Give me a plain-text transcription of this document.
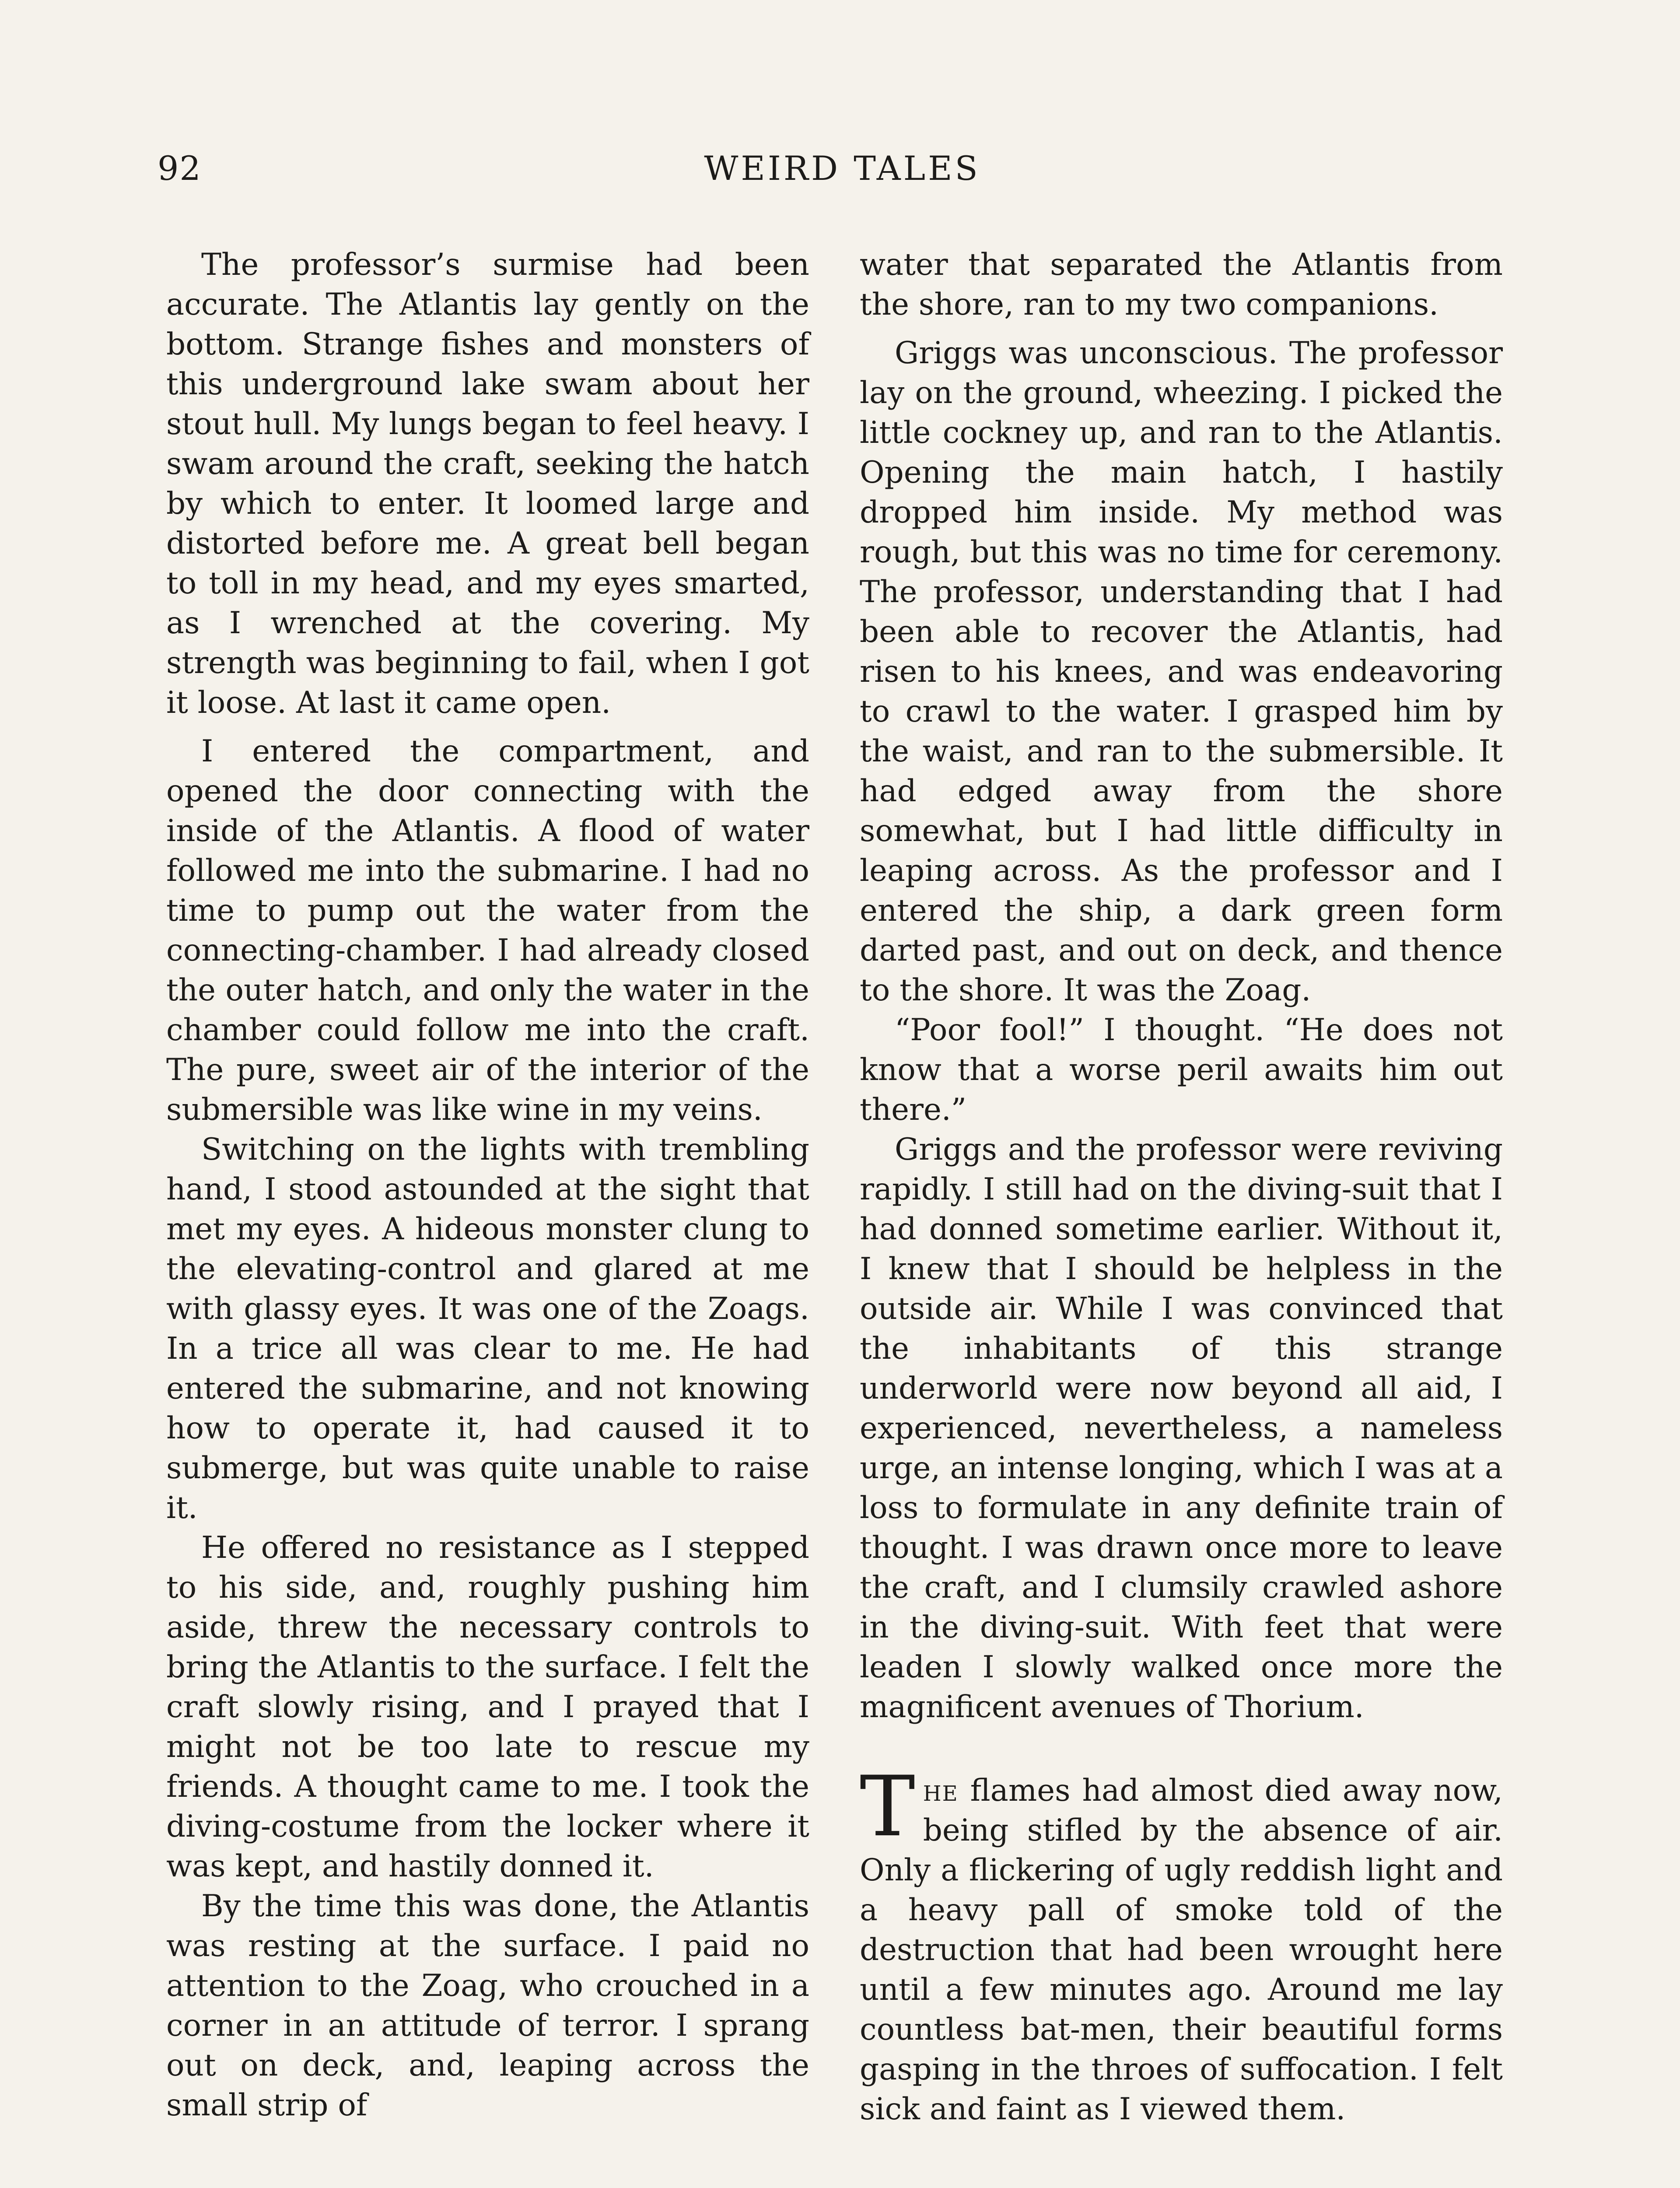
92	WEIRD TALES

The professor’s surmise had been accurate. The Atlantis lay gently on the bottom. Strange fishes and monsters of this underground lake swam about her stout hull. My lungs began to feel heavy. I swam around the craft, seeking the hatch by which to enter. It loomed large and distorted before me. A great bell began to toll in my head, and my eyes smarted, as I wrenched at the covering. My strength was beginning to fail, when I got it loose. At last it came open.

I entered the compartment, and opened the door connecting with the inside of the Atlantis. A flood of water followed me into the submarine. I had no time to pump out the water from the connecting-chamber. I had already closed the outer hatch, and only the water in the chamber could follow me into the craft. The pure, sweet air of the interior of the submersible was like wine in my veins.

Switching on the lights with trembling hand, I stood astounded at the sight that met my eyes. A hideous monster clung to the elevating-control and glared at me with glassy eyes. It was one of the Zoags. In a trice all was clear to me. He had entered the submarine, and not knowing how to operate it, had caused it to submerge, but was quite unable to raise it.

He offered no resistance as I stepped to his side, and, roughly pushing him aside, threw the necessary controls to bring the Atlantis to the surface. I felt the craft slowly rising, and I prayed that I might not be too late to rescue my friends. A thought came to me. I took the diving-costume from the locker where it was kept, and hastily donned it.

By the time this was done, the Atlantis was resting at the surface. I paid no attention to the Zoag, who crouched in a corner in an attitude of terror. I sprang out on deck, and, leaping across the small strip of

water that separated the Atlantis from the shore, ran to my two companions.

Griggs was unconscious. The professor lay on the ground, wheezing. I picked the little cockney up, and ran to the Atlantis. Opening the main hatch, I hastily dropped him inside. My method was rough, but this was no time for ceremony. The professor, understanding that I had been able to recover the Atlantis, had risen to his knees, and was endeavoring to crawl to the water. I grasped him by the waist, and ran to the submersible. It had edged away from the shore somewhat, but I had little difficulty in leaping across. As the professor and I entered the ship, a dark green form darted past, and out on deck, and thence to the shore. It was the Zoag.

“Poor fool!” I thought. “He does not know that a worse peril awaits him out there.”

Griggs and the professor were reviving rapidly. I still had on the diving-suit that I had donned sometime earlier. Without it, I knew that I should be helpless in the outside air. While I was convinced that the inhabitants of this strange underworld were now beyond all aid, I experienced, nevertheless, a nameless urge, an intense longing, which I was at a loss to formulate in any definite train of thought. I was drawn once more to leave the craft, and I clumsily crawled ashore in the diving-suit. With feet that were leaden I slowly walked once more the magnificent avenues of Thorium.

The flames had almost died away now, being stifled by the absence of air. Only a flickering of ugly reddish light and a heavy pall of smoke told of the destruction that had been wrought here until a few minutes ago. Around me lay countless bat-men, their beautiful forms gasping in the throes of suffocation. I felt sick and faint as I viewed them.
